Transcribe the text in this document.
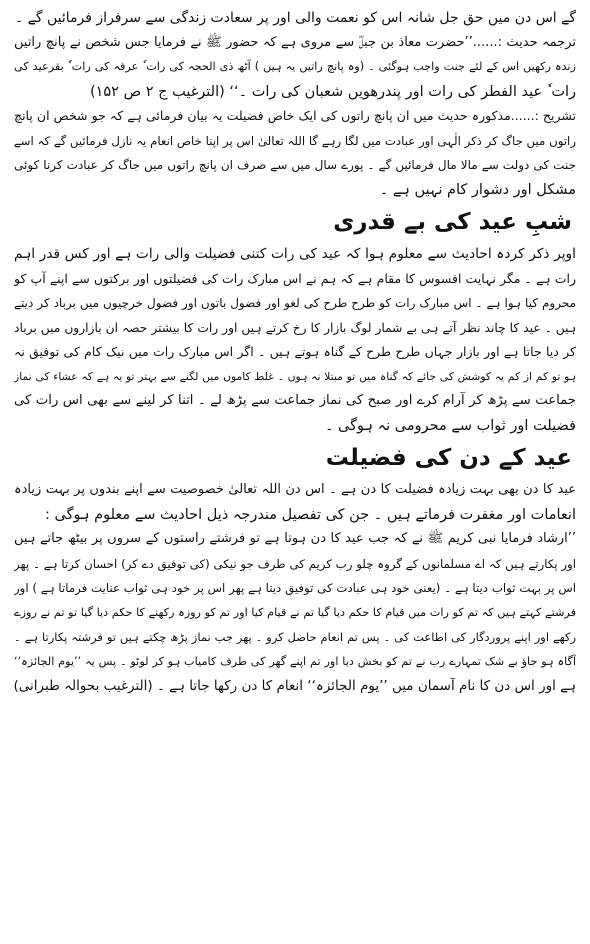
گے اس دن میں حق جل شانہ اس کو نعمت والی اور پر سعادت زندگی سے سرفراز فرمائیں گے ۔
ترجمہ حدیث :......’’حضرت معاذ بن جبلؓ سے مروی ہے کہ حضور ﷺ نے فرمایا جس شخص نے پانچ راتیں
زندہ رکھیں اس کے لئے جنت واجب ہوگئی ۔ (وہ پانچ راتیں یہ ہیں ) آٹھ ذی الحجہ کی رات ٗ عرفہ کی رات ٗ بقرعید کی
رات ٗ عید الفطر کی رات اور پندرھویں شعبان کی رات ۔‘‘ (الترغیب ج ۲ ص ۱۵۲)
تشریح :......مذکورہ حدیث میں ان پانچ راتوں کی ایک خاص فضیلت یہ بیان فرمائی ہے کہ جو شخص ان پانچ
راتوں میں جاگ کر ذکر الٰہی اور عبادت میں لگا رہے گا اللہ تعالیٰ اس پر اپنا خاص انعام یہ نازل فرمائیں گے کہ اسے
جنت کی دولت سے مالا مال فرمائیں گے ۔ پورے سال میں سے صرف ان پانچ راتوں میں جاگ کر عبادت کرنا کوئی
مشکل اور دشوار کام نہیں ہے ۔
شبِ عید کی بے قدری
اوپر ذکر کردہ احادیث سے معلوم ہوا کہ عید کی رات کتنی فضیلت والی رات ہے اور کس قدر اہم
رات ہے ۔ مگر نہایت افسوس کا مقام ہے کہ ہم نے اس مبارک رات کی فضیلتوں اور برکتوں سے اپنے آپ کو
محروم کیا ہوا ہے ۔ اس مبارک رات کو طرح طرح کی لغو اور فضول باتوں اور فضول خرچیوں میں برباد کر دیتے
ہیں ۔ عید کا چاند نظر آتے ہی بے شمار لوگ بازار کا رخ کرتے ہیں اور رات کا بیشتر حصہ ان بازاروں میں برباد
کر دیا جاتا ہے اور بازار جہاں طرح طرح کے گناہ ہوتے ہیں ۔ اگر اس مبارک رات میں نیک کام کی توفیق نہ
ہو تو کم از کم یہ کوشش کی جائے کہ گناہ میں تو مبتلا نہ ہوں ۔ غلط کاموں میں لگنے سے بہتر تو یہ ہے کہ عشاء کی نماز
جماعت سے پڑھ کر آرام کرے اور صبح کی نماز جماعت سے پڑھ لے ۔ اتنا کر لینے سے بھی اس رات کی
فضیلت اور ثواب سے محرومی نہ ہوگی ۔
عید کے دن کی فضیلت
عید کا دن بھی بہت زیادہ فضیلت کا دن ہے ۔ اس دن اللہ تعالیٰ خصوصیت سے اپنے بندوں پر بہت زیادہ
انعامات اور مغفرت فرماتے ہیں ۔ جن کی تفصیل مندرجہ ذیل احادیث سے معلوم ہوگی :
’’ارشاد فرمایا نبی کریم ﷺ نے کہ جب عید کا دن ہوتا ہے تو فرشتے راستوں کے سروں پر بیٹھ جاتے ہیں
اور پکارتے ہیں کہ اے مسلمانوں کے گروہ چلو رب کریم کی طرف جو نیکی (کی توفیق دے کر) احسان کرتا ہے ۔ پھر
اس پر بہت ثواب دیتا ہے ۔ (یعنی خود ہی عبادت کی توفیق دیتا ہے پھر اس پر خود ہی ثواب عنایت فرماتا ہے ) اور
فرشتے کہتے ہیں کہ تم کو رات میں قیام کا حکم دیا گیا تم نے قیام کیا اور تم کو روزہ رکھنے کا حکم دیا گیا تو تم نے روزے
رکھے اور اپنے پروردگار کی اطاعت کی ۔ پس تم انعام حاصل کرو ۔ پھر جب نماز پڑھ چکتے ہیں تو فرشتہ پکارتا ہے ۔
آگاہ ہو جاؤ بے شک تمہارے رب نے تم کو بخش دیا اور تم اپنے گھر کی طرف کامیاب ہو کر لوٹو ۔ پس یہ ’’یوم الجائزہ‘‘
ہے اور اس دن کا نام آسمان میں ’’یوم الجائزہ‘‘ انعام کا دن رکھا جاتا ہے ۔ (الترغیب بحوالہ طبرانی)
